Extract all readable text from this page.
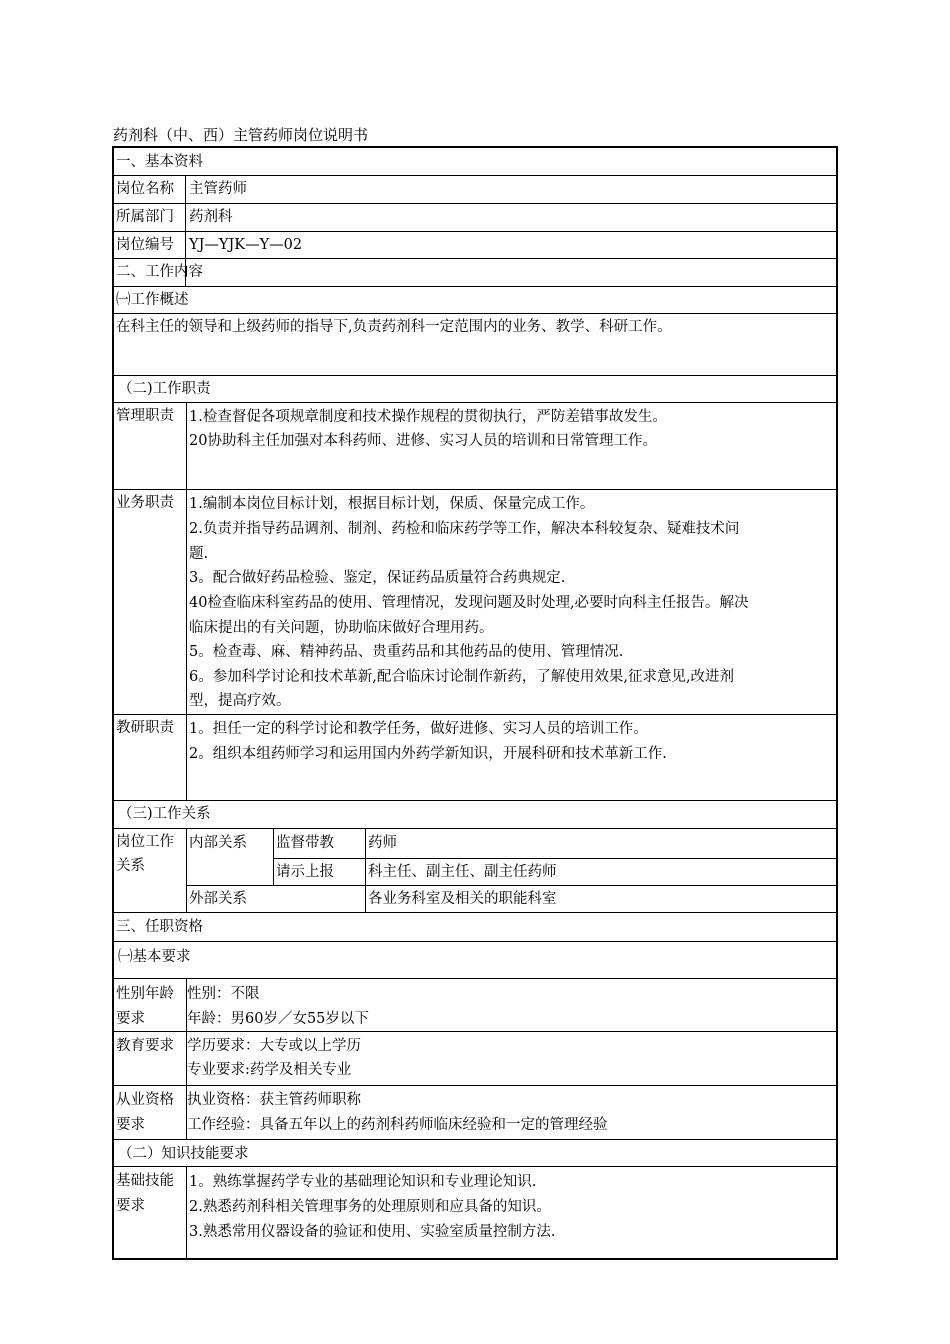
药剂科（中、西）主管药师岗位说明书
一、基本资料
岗位名称 主管药师
所属部门 药剂科
岗位编号 YJ—YJK—Y—02
二、工作内容
㈠工作概述
在科主任的领导和上级药师的指导下,负责药剂科一定范围内的业务、教学、科研工作。
（二)工作职责
管理职责 1.检查督促各项规章制度和技术操作规程的贯彻执行，严防差错事故发生。
20协助科主任加强对本科药师、进修、实习人员的培训和日常管理工作。
业务职责 1.编制本岗位目标计划，根据目标计划，保质、保量完成工作。
2.负责并指导药品调剂、制剂、药检和临床药学等工作，解决本科较复杂、疑难技术问
题.
3。配合做好药品检验、鉴定，保证药品质量符合药典规定.
40检查临床科室药品的使用、管理情况，发现问题及时处理,必要时向科主任报告。解决
临床提出的有关问题，协助临床做好合理用药。
5。检查毒、麻、精神药品、贵重药品和其他药品的使用、管理情况.
6。参加科学讨论和技术革新,配合临床讨论制作新药，了解使用效果,征求意见,改进剂
型，提高疗效。
教研职责 1。担任一定的科学讨论和教学任务，做好进修、实习人员的培训工作。
2。组织本组药师学习和运用国内外药学新知识，开展科研和技术革新工作.
（三)工作关系
岗位工作
关系
内部关系 监督带教 药师
请示上报 科主任、副主任、副主任药师
外部关系	各业务科室及相关的职能科室
三、任职资格
㈠基本要求
性别年龄
要求
性别：不限
年龄：男60岁／女55岁以下
教育要求 学历要求：大专或以上学历
专业要求:药学及相关专业
从业资格
要求
执业资格：获主管药师职称
工作经验：具备五年以上的药剂科药师临床经验和一定的管理经验
（二）知识技能要求
基础技能
要求
1。熟练掌握药学专业的基础理论知识和专业理论知识.
2.熟悉药剂科相关管理事务的处理原则和应具备的知识。
3.熟悉常用仪器设备的验证和使用、实验室质量控制方法.
